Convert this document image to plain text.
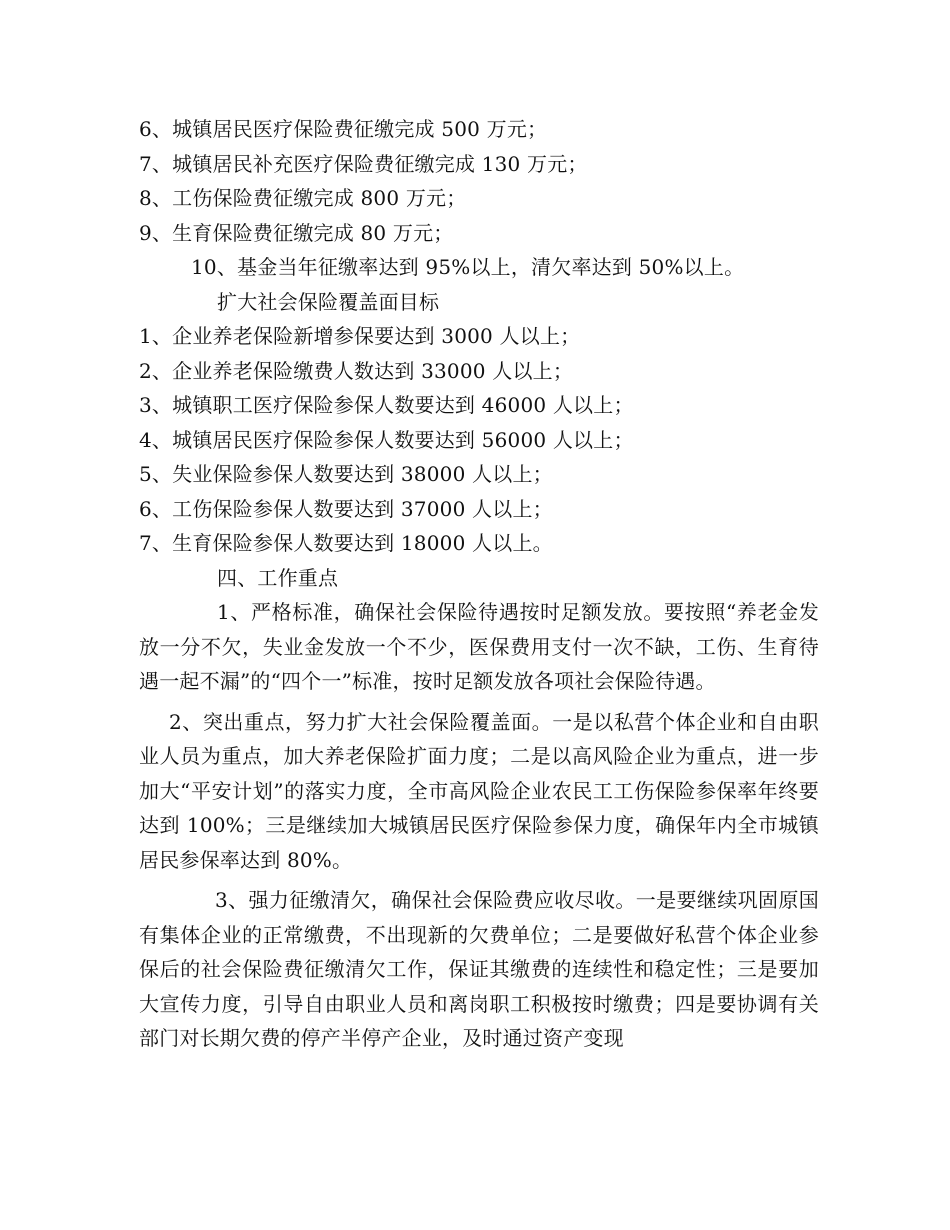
6、城镇居民医疗保险费征缴完成 500 万元；
7、城镇居民补充医疗保险费征缴完成 130 万元；
8、工伤保险费征缴完成 800 万元；
9、生育保险费征缴完成 80 万元；
10、基金当年征缴率达到 95%以上，清欠率达到 50%以上。
扩大社会保险覆盖面目标
1、企业养老保险新增参保要达到 3000 人以上；
2、企业养老保险缴费人数达到 33000 人以上；
3、城镇职工医疗保险参保人数要达到 46000 人以上；
4、城镇居民医疗保险参保人数要达到 56000 人以上；
5、失业保险参保人数要达到 38000 人以上；
6、工伤保险参保人数要达到 37000 人以上；
7、生育保险参保人数要达到 18000 人以上。
四、工作重点

1、严格标准，确保社会保险待遇按时足额发放。要按照“养老金发放一分不欠，失业金发放一个不少，医保费用支付一次不缺，工伤、生育待遇一起不漏”的“四个一”标准，按时足额发放各项社会保险待遇。

2、突出重点，努力扩大社会保险覆盖面。一是以私营个体企业和自由职业人员为重点，加大养老保险扩面力度；二是以高风险企业为重点，进一步加大“平安计划”的落实力度，全市高风险企业农民工工伤保险参保率年终要达到 100%；三是继续加大城镇居民医疗保险参保力度，确保年内全市城镇居民参保率达到 80%。

3、强力征缴清欠，确保社会保险费应收尽收。一是要继续巩固原国有集体企业的正常缴费，不出现新的欠费单位；二是要做好私营个体企业参保后的社会保险费征缴清欠工作，保证其缴费的连续性和稳定性；三是要加大宣传力度，引导自由职业人员和离岗职工积极按时缴费；四是要协调有关部门对长期欠费的停产半停产企业，及时通过资产变现
